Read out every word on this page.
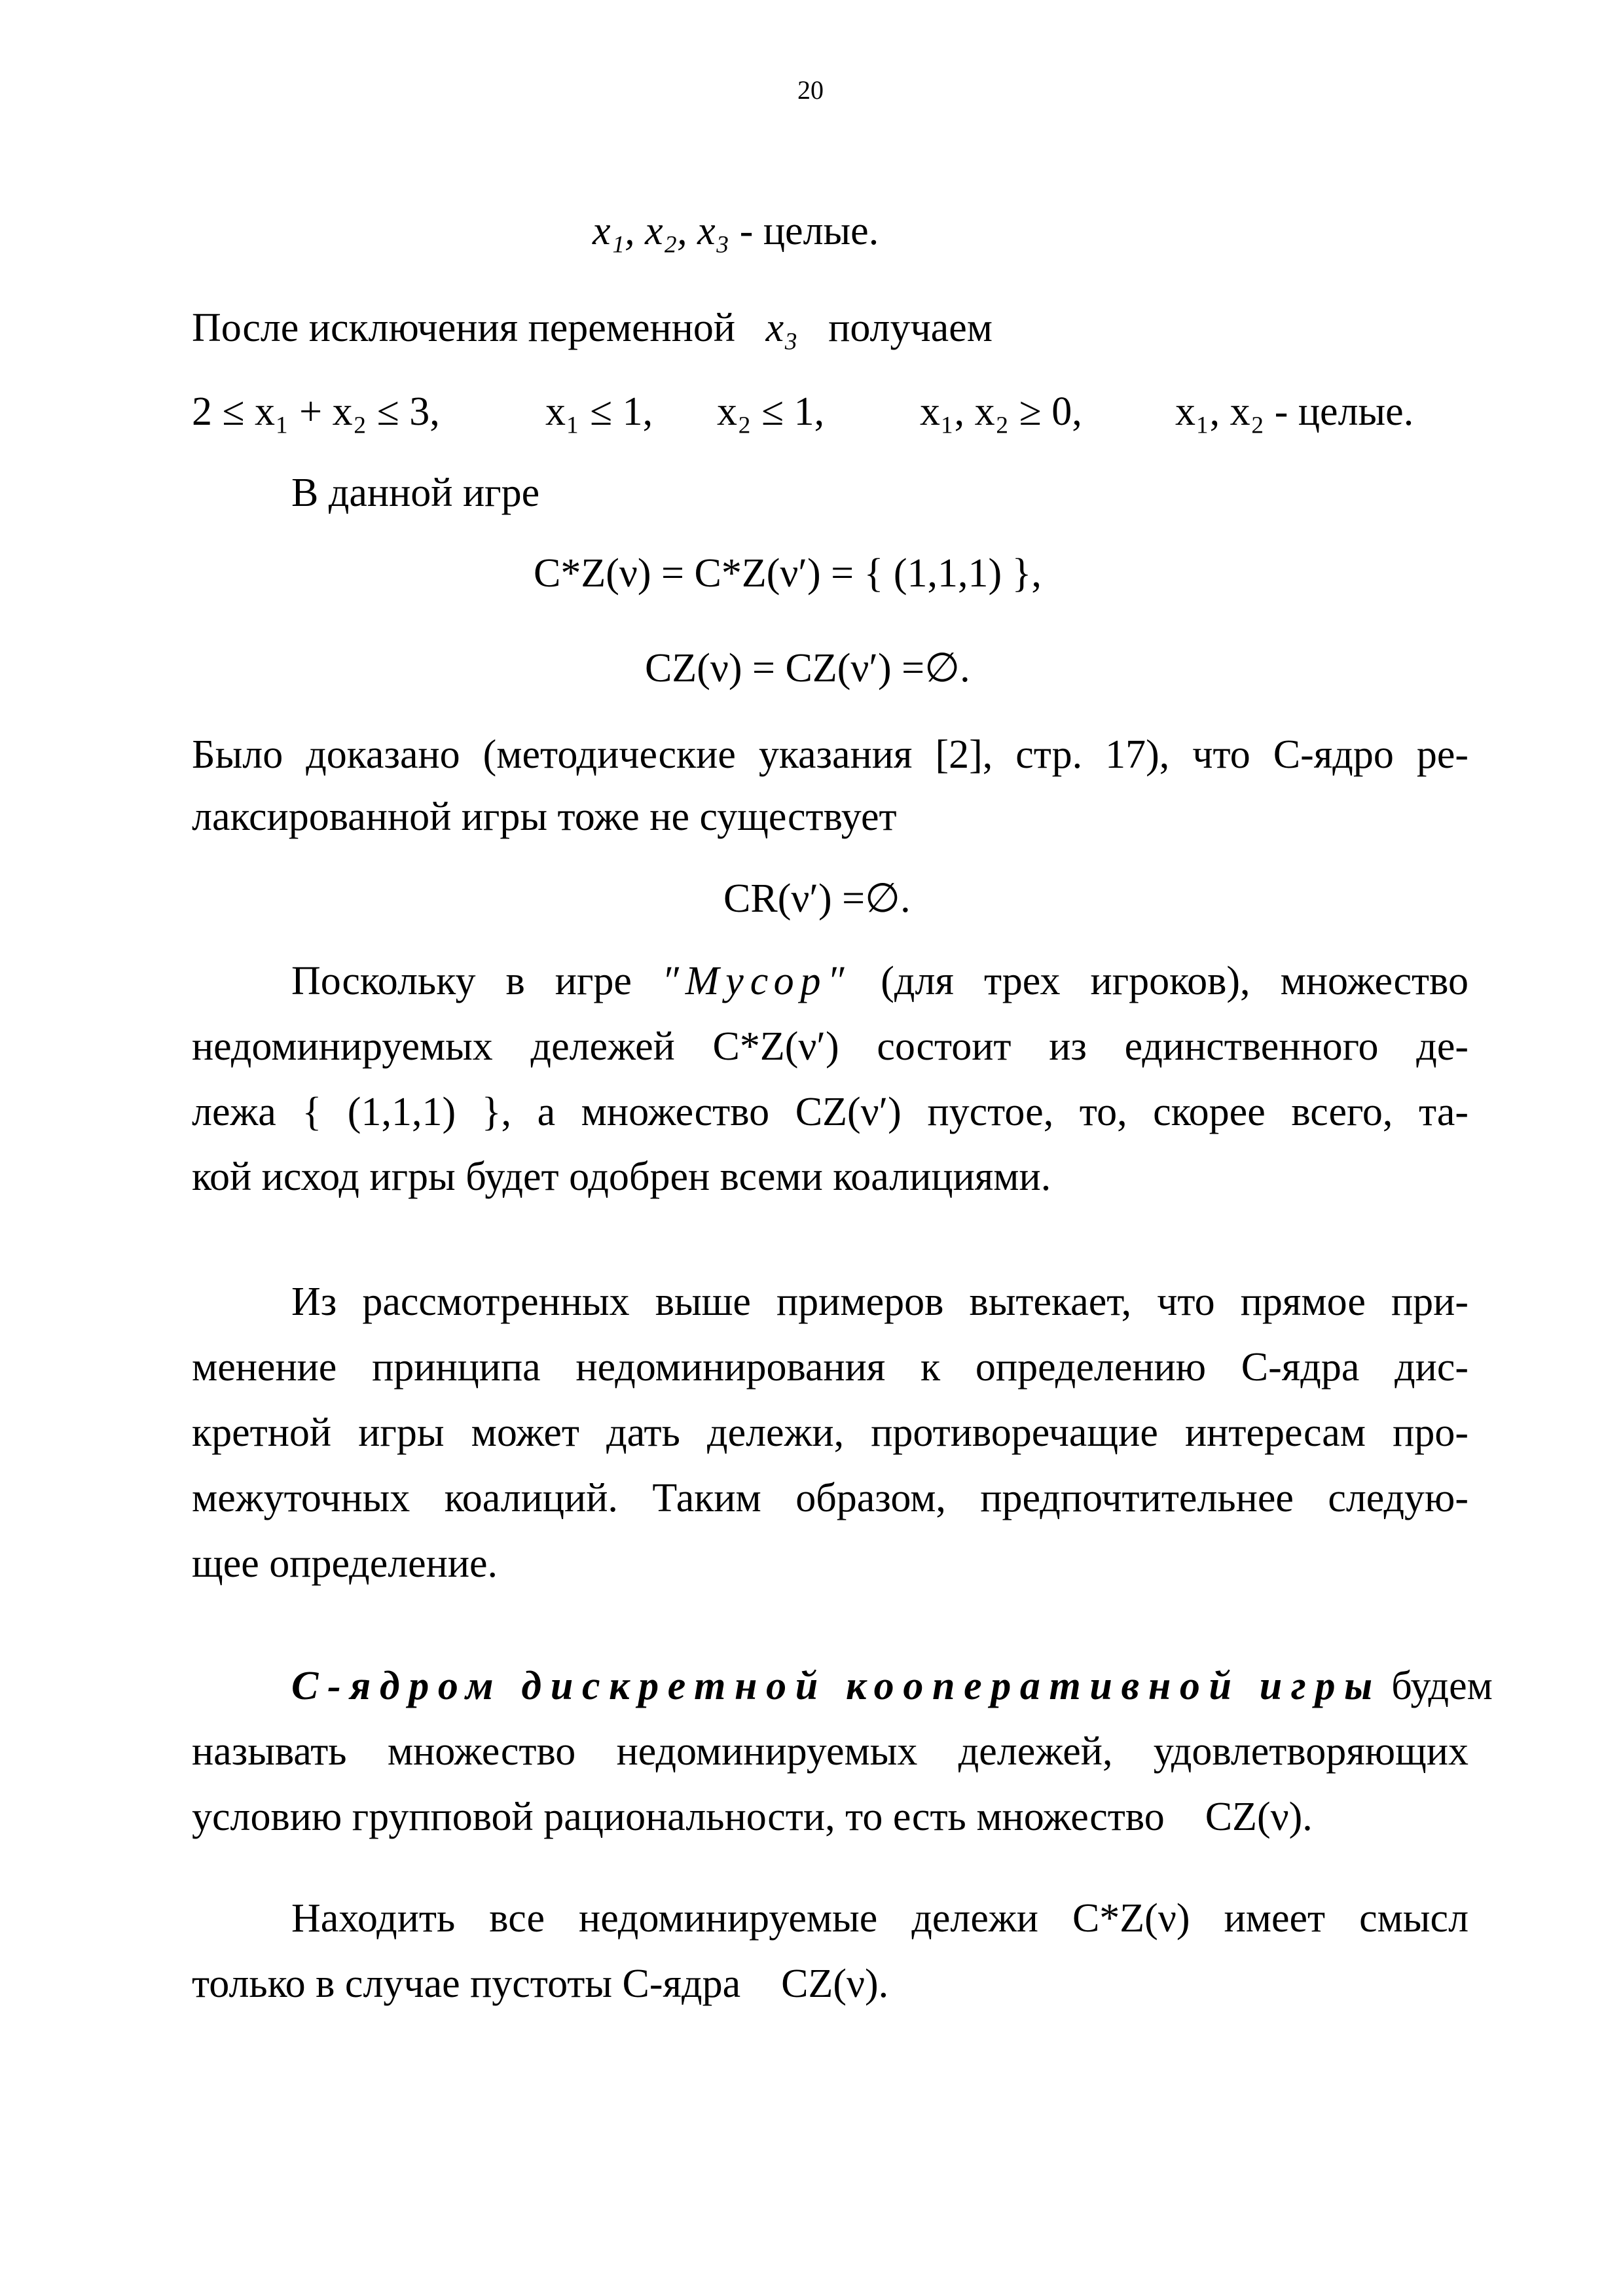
20
x₁, x₂, x₃ - целые.
После исключения переменной x₃ получаем
2 ≤ x₁ + x₂ ≤ 3,	x₁ ≤ 1, x₂ ≤ 1, x₁, x₂ ≥ 0, x₁, x₂ - целые.
В данной игре
C*Z(ν) = C*Z(ν′) = { (1,1,1) },
CZ(ν) = CZ(ν′) =∅.
Было доказано (методические указания [2], стр. 17), что С-ядро ре-
лаксированной игры тоже не существует
CR(ν′) =∅.
Поскольку в игре ″Мусор″ (для трех игроков), множество
недоминируемых дележей C*Z(ν′) состоит из единственного де-
лежа { (1,1,1) }, а множество CZ(ν′) пустое, то, скорее всего, та-
кой исход игры будет одобрен всеми коалициями.
Из рассмотренных выше примеров вытекает, что прямое при-
менение принципа недоминирования к определению С-ядра дис-
кретной игры может дать дележи, противоречащие интересам про-
межуточных коалиций. Таким образом, предпочтительнее следую-
щее определение.
С-ядром дискретной кооперативной игры будем
называть множество недоминируемых дележей, удовлетворяющих
условию групповой рациональности, то есть множество CZ(ν).
Находить все недоминируемые дележи C*Z(ν) имеет смысл
только в случае пустоты С-ядра CZ(ν).
